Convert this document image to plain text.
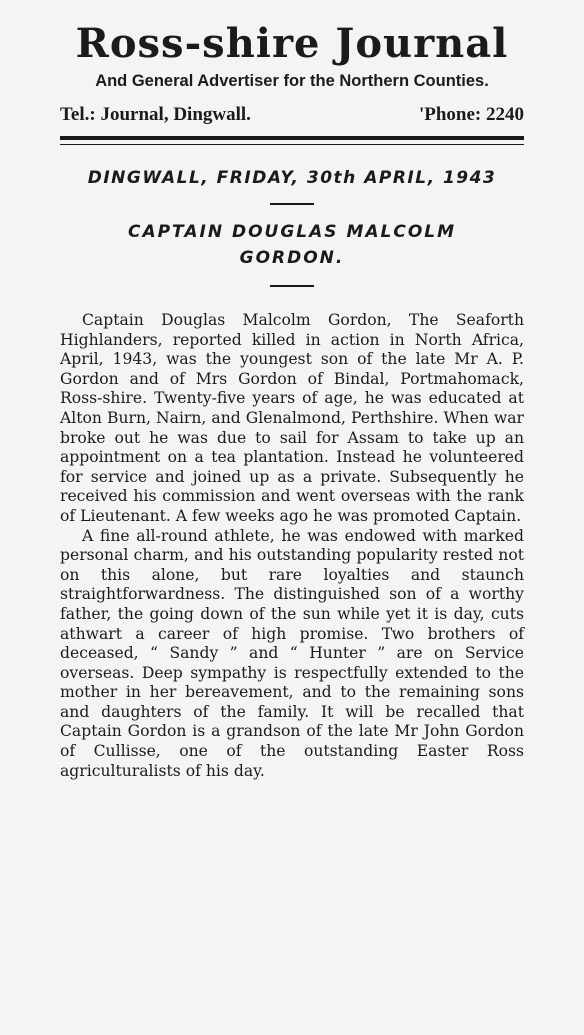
Ross-shire Journal
And General Advertiser for the Northern Counties.
Tel.: Journal, Dingwall.	'Phone: 2240
DINGWALL, FRIDAY, 30th APRIL, 1943
CAPTAIN DOUGLAS MALCOLM GORDON.

Captain Douglas Malcolm Gordon, The Seaforth Highlanders, reported killed in action in North Africa, April, 1943, was the youngest son of the late Mr A. P. Gordon and of Mrs Gordon of Bindal, Portmahomack, Ross-shire. Twenty-five years of age, he was educated at Alton Burn, Nairn, and Glenalmond, Perthshire. When war broke out he was due to sail for Assam to take up an appointment on a tea plantation. Instead he volunteered for service and joined up as a private. Subsequently he received his commission and went overseas with the rank of Lieutenant. A few weeks ago he was promoted Captain.

A fine all-round athlete, he was endowed with marked personal charm, and his outstanding popularity rested not on this alone, but rare loyalties and staunch straightforwardness. The distinguished son of a worthy father, the going down of the sun while yet it is day, cuts athwart a career of high promise. Two brothers of deceased, “ Sandy ” and “ Hunter ” are on Service overseas. Deep sympathy is respectfully extended to the mother in her bereavement, and to the remaining sons and daughters of the family. It will be recalled that Captain Gordon is a grandson of the late Mr John Gordon of Cullisse, one of the outstanding Easter Ross agriculturalists of his day.
